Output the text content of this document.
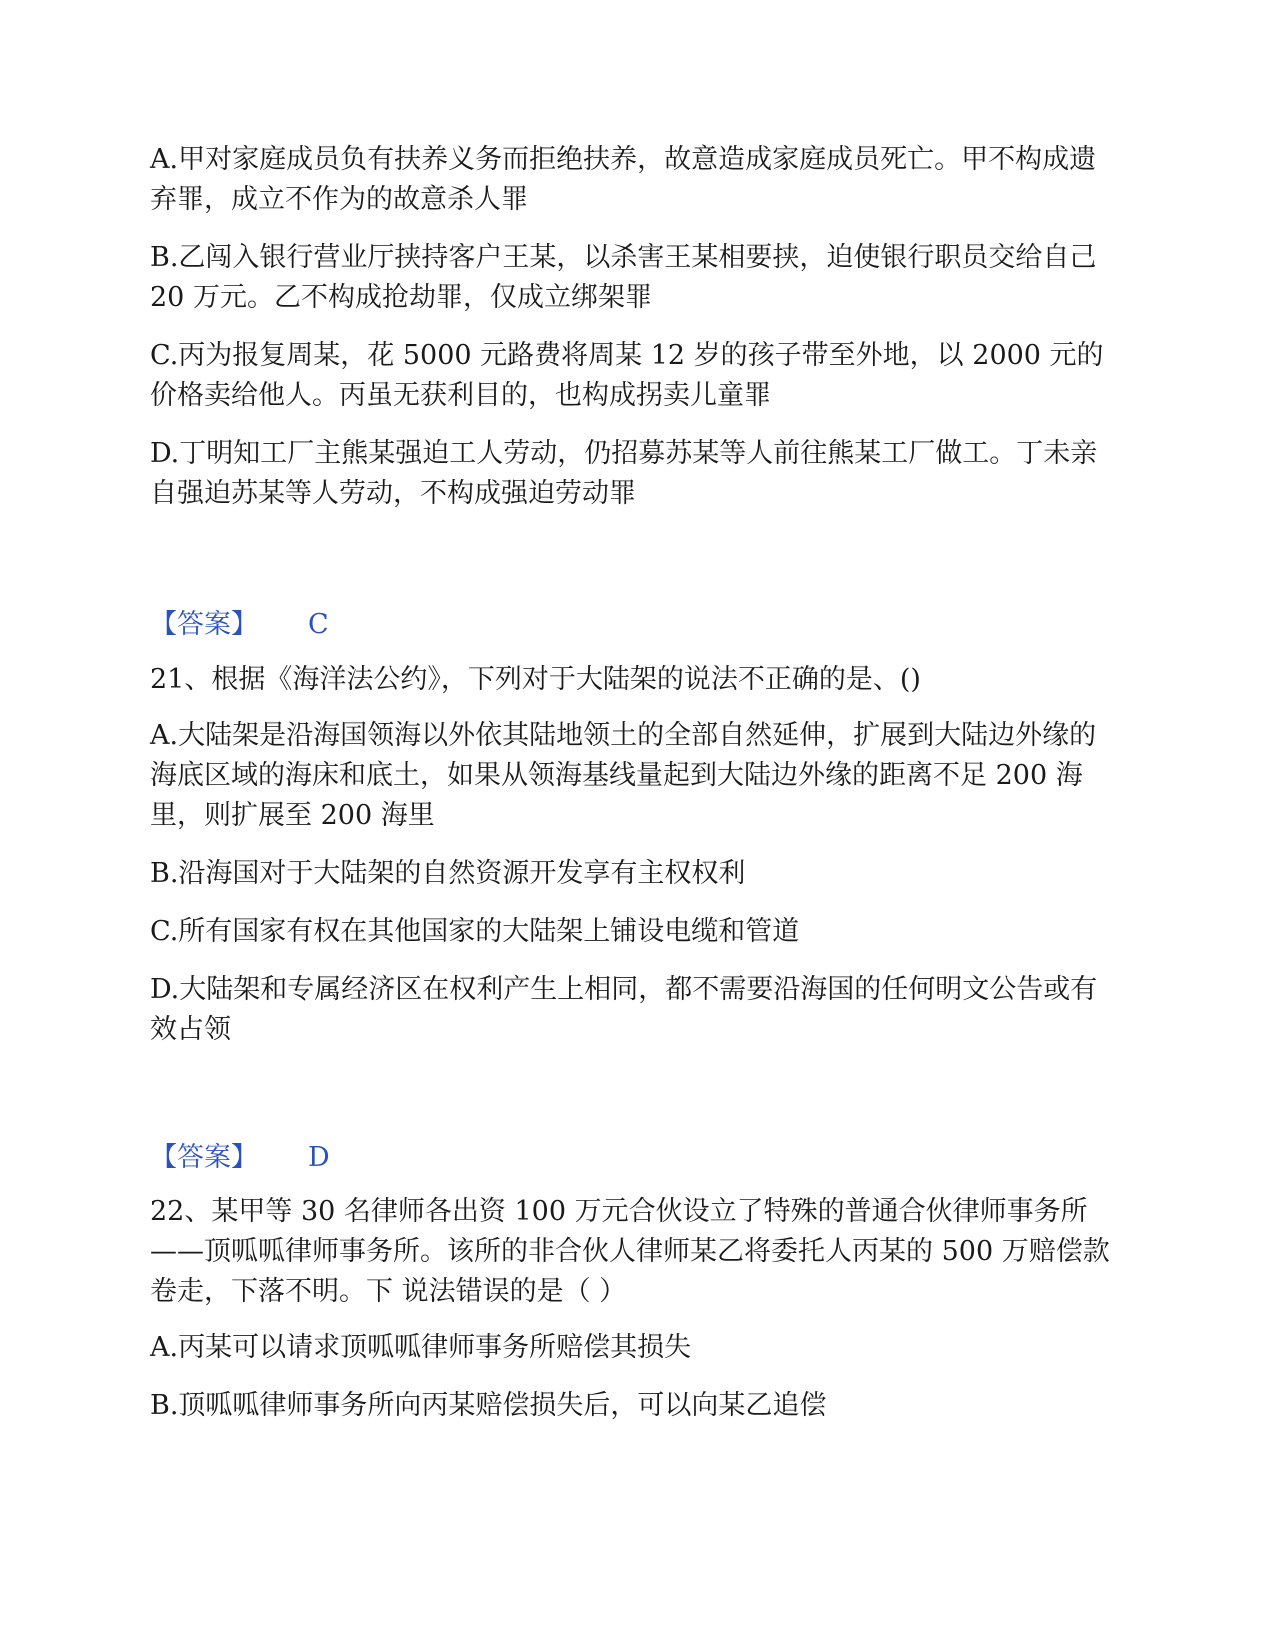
A.甲对家庭成员负有扶养义务而拒绝扶养，故意造成家庭成员死亡。甲不构成遗弃罪，成立不作为的故意杀人罪

B.乙闯入银行营业厅挟持客户王某，以杀害王某相要挟，迫使银行职员交给自己 20 万元。乙不构成抢劫罪，仅成立绑架罪

C.丙为报复周某，花 5000 元路费将周某 12 岁的孩子带至外地，以 2000 元的价格卖给他人。丙虽无获利目的，也构成拐卖儿童罪

D.丁明知工厂主熊某强迫工人劳动，仍招募苏某等人前往熊某工厂做工。丁未亲自强迫苏某等人劳动，不构成强迫劳动罪

【答案】 C

21、根据《海洋法公约》，下列对于大陆架的说法不正确的是、()

A.大陆架是沿海国领海以外依其陆地领土的全部自然延伸，扩展到大陆边外缘的海底区域的海床和底土，如果从领海基线量起到大陆边外缘的距离不足 200 海里，则扩展至 200 海里

B.沿海国对于大陆架的自然资源开发享有主权权利

C.所有国家有权在其他国家的大陆架上铺设电缆和管道

D.大陆架和专属经济区在权利产生上相同，都不需要沿海国的任何明文公告或有效占领

【答案】 D

22、某甲等 30 名律师各出资 100 万元合伙设立了特殊的普通合伙律师事务所——顶呱呱律师事务所。该所的非合伙人律师某乙将委托人丙某的 500 万赔偿款卷走，下落不明。下 说法错误的是（ ）

A.丙某可以请求顶呱呱律师事务所赔偿其损失

B.顶呱呱律师事务所向丙某赔偿损失后，可以向某乙追偿
